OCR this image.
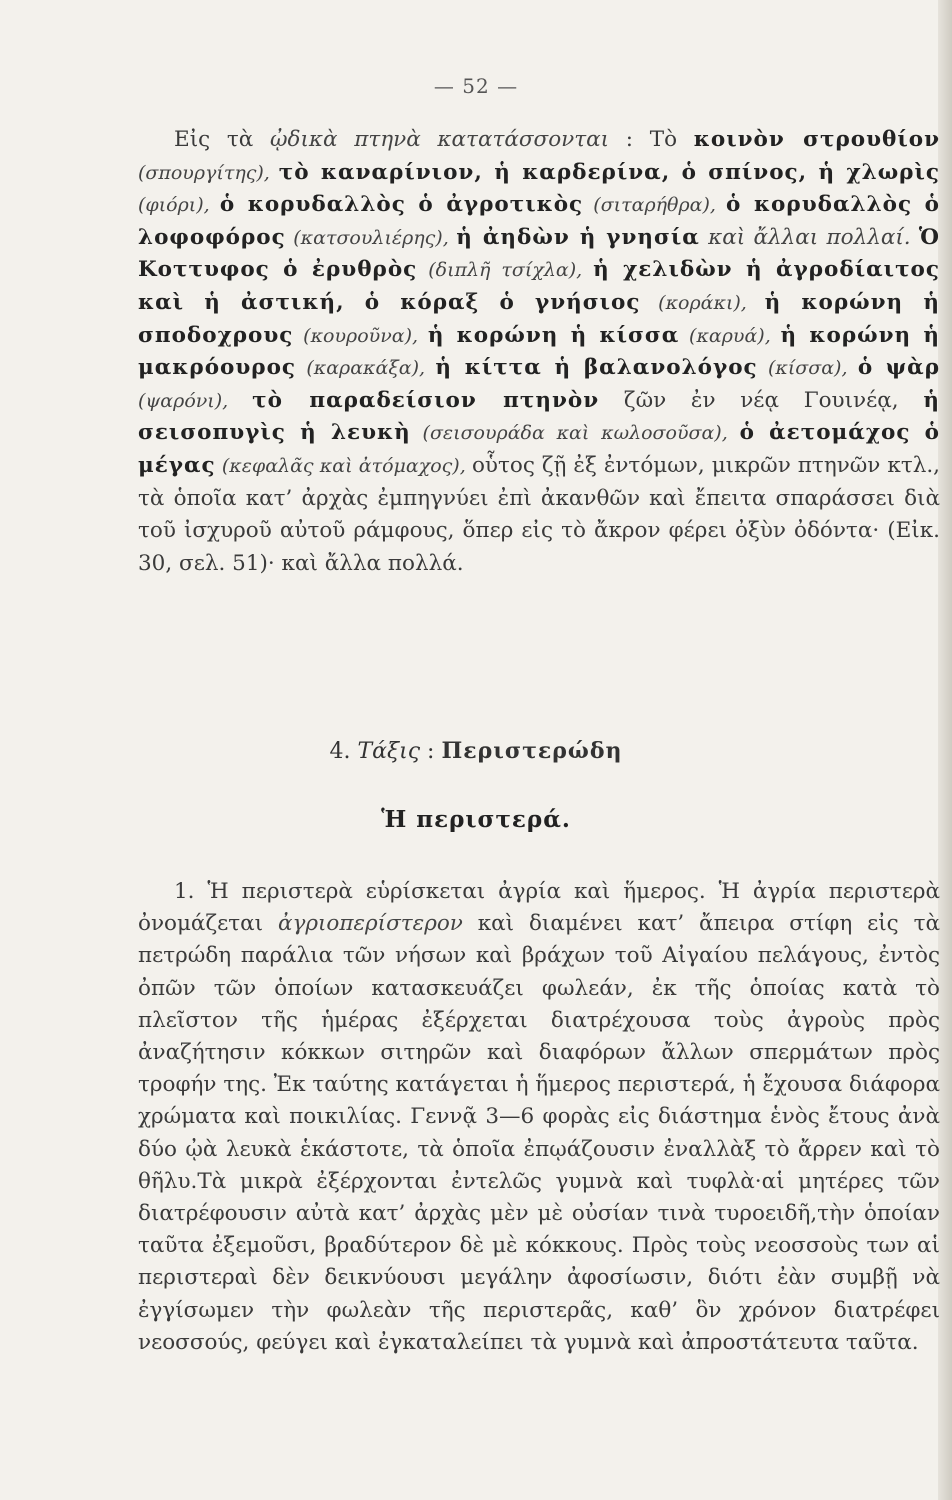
— 52 —
Εἰς τὰ ᾠδικὰ πτηνὰ κατατάσσονται : Τὸ κοινὸν στρουθίον (σπουργίτης), τὸ καναρίνιον, ἡ καρδερίνα, ὁ σπίνος, ἡ χλωρὶς (φιόρι), ὁ κορυδαλλὸς ὁ ἀγροτικὸς (σιταρήθρα), ὁ κορυδαλλὸς ὁ λοφοφόρος (κατσουλιέρης), ἡ ἀηδὼν ἡ γνησία καὶ ἄλλαι πολλαί. Ὁ Κοττυφος ὁ ἐρυθρὸς (διπλῆ τσίχλα), ἡ χελιδὼν ἡ ἀγροδίαιτος καὶ ἡ ἀστική, ὁ κόραξ ὁ γνήσιος (κοράκι), ἡ κορώνη ἡ σποδοχρους (κουροῦνα), ἡ κορώνη ἡ κίσσα (καρυά), ἡ κορώνη ἡ μακρόουρος (καρακάξα), ἡ κίττα ἡ βαλανολόγος (κίσσα), ὁ ψὰρ (ψαρόνι), τὸ παραδείσιον πτηνὸν ζῶν ἐν νέᾳ Γουινέᾳ, ἡ σεισοπυγὶς ἡ λευκὴ (σεισουράδα καὶ κωλοσοῦσα), ὁ ἀετομάχος ὁ μέγας (κεφαλᾶς καὶ ἀτόμαχος), οὗτος ζῇ ἐξ ἐντόμων, μικρῶν πτηνῶν κτλ., τὰ ὁποῖα κατ’ ἀρχὰς ἐμπηγνύει ἐπὶ ἀκανθῶν καὶ ἔπειτα σπαράσσει διὰ τοῦ ἰσχυροῦ αὐτοῦ ράμφους, ὅπερ εἰς τὸ ἄκρον φέρει ὀξὺν ὀδόντα· (Εἰκ. 30, σελ. 51)· καὶ ἄλλα πολλά.
4. Τάξις : Περιστερώδη
Ἡ περιστερά.
1. Ἡ περιστερὰ εὑρίσκεται ἀγρία καὶ ἥμερος. Ἡ ἀγρία περιστερὰ ὀνομάζεται ἀγριοπερίστερον καὶ διαμένει κατ’ ἄπειρα στίφη εἰς τὰ πετρώδη παράλια τῶν νήσων καὶ βράχων τοῦ Αἰγαίου πελάγους, ἐντὸς ὀπῶν τῶν ὁποίων κατασκευάζει φωλεάν, ἐκ τῆς ὁποίας κατὰ τὸ πλεῖστον τῆς ἡμέρας ἐξέρχεται διατρέχουσα τοὺς ἀγροὺς πρὸς ἀναζήτησιν κόκκων σιτηρῶν καὶ διαφόρων ἄλλων σπερμάτων πρὸς τροφήν της. Ἐκ ταύτης κατάγεται ἡ ἥμερος περιστερά, ἡ ἔχουσα διάφορα χρώματα καὶ ποικιλίας. Γεννᾷ 3—6 φορὰς εἰς διάστημα ἑνὸς ἔτους ἀνὰ δύο ᾠὰ λευκὰ ἑκάστοτε, τὰ ὁποῖα ἐπῳάζουσιν ἐναλλὰξ τὸ ἄρρεν καὶ τὸ θῆλυ.Τὰ μικρὰ ἐξέρχονται ἐντελῶς γυμνὰ καὶ τυφλὰ·αἱ μητέρες τῶν διατρέφουσιν αὐτὰ κατ’ ἀρχὰς μὲν μὲ οὐσίαν τινὰ τυροειδῆ,τὴν ὁποίαν ταῦτα ἐξεμοῦσι, βραδύτερον δὲ μὲ κόκκους. Πρὸς τοὺς νεοσσοὺς των αἱ περιστεραὶ δὲν δεικνύουσι μεγάλην ἀφοσίωσιν, διότι ἐὰν συμβῇ νὰ ἐγγίσωμεν τὴν φωλεὰν τῆς περιστερᾶς, καθ’ ὃν χρόνον διατρέφει νεοσσούς, φεύγει καὶ ἐγκαταλείπει τὰ γυμνὰ καὶ ἀπροστάτευτα ταῦτα.
